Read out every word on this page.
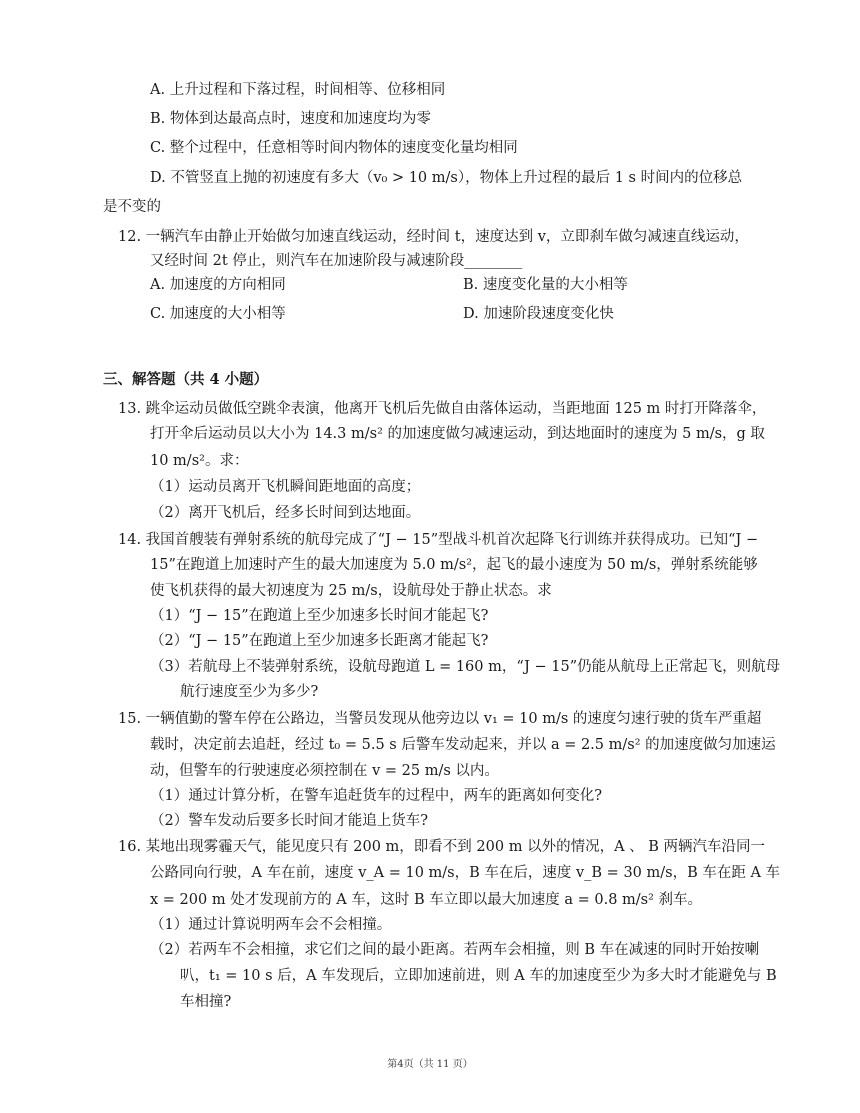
A. 上升过程和下落过程，时间相等、位移相同
B. 物体到达最高点时，速度和加速度均为零
C. 整个过程中，任意相等时间内物体的速度变化量均相同
D. 不管竖直上抛的初速度有多大（v₀ > 10 m/s），物体上升过程的最后 1 s 时间内的位移总
是不变的
12. 一辆汽车由静止开始做匀加速直线运动，经时间 t，速度达到 v，立即刹车做匀减速直线运动，
又经时间 2t 停止，则汽车在加速阶段与减速阶段________
A. 加速度的方向相同	B. 速度变化量的大小相等
C. 加速度的大小相等	D. 加速阶段速度变化快
三、解答题（共 4 小题）
13. 跳伞运动员做低空跳伞表演，他离开飞机后先做自由落体运动，当距地面 125 m 时打开降落伞，
打开伞后运动员以大小为 14.3 m/s² 的加速度做匀减速运动，到达地面时的速度为 5 m/s，g 取
10 m/s²。求：
（1）运动员离开飞机瞬间距地面的高度；
（2）离开飞机后，经多长时间到达地面。
14. 我国首艘装有弹射系统的航母完成了“J − 15”型战斗机首次起降飞行训练并获得成功。已知“J −
15”在跑道上加速时产生的最大加速度为 5.0 m/s²，起飞的最小速度为 50 m/s，弹射系统能够
使飞机获得的最大初速度为 25 m/s，设航母处于静止状态。求
（1）“J − 15”在跑道上至少加速多长时间才能起飞?
（2）“J − 15”在跑道上至少加速多长距离才能起飞?
（3）若航母上不装弹射系统，设航母跑道 L = 160 m，“J − 15”仍能从航母上正常起飞，则航母
航行速度至少为多少?
15. 一辆值勤的警车停在公路边，当警员发现从他旁边以 v₁ = 10 m/s 的速度匀速行驶的货车严重超
载时，决定前去追赶，经过 t₀ = 5.5 s 后警车发动起来，并以 a = 2.5 m/s² 的加速度做匀加速运
动，但警车的行驶速度必须控制在 v = 25 m/s 以内。
（1）通过计算分析，在警车追赶货车的过程中，两车的距离如何变化?
（2）警车发动后要多长时间才能追上货车?
16. 某地出现雾霾天气，能见度只有 200 m，即看不到 200 m 以外的情况，A 、 B 两辆汽车沿同一
公路同向行驶，A 车在前，速度 v_A = 10 m/s，B 车在后，速度 v_B = 30 m/s，B 车在距 A 车
x = 200 m 处才发现前方的 A 车，这时 B 车立即以最大加速度 a = 0.8 m/s² 刹车。
（1）通过计算说明两车会不会相撞。
（2）若两车不会相撞，求它们之间的最小距离。若两车会相撞，则 B 车在减速的同时开始按喇
叭，t₁ = 10 s 后，A 车发现后，立即加速前进，则 A 车的加速度至少为多大时才能避免与 B
车相撞?
第4页（共 11 页）
